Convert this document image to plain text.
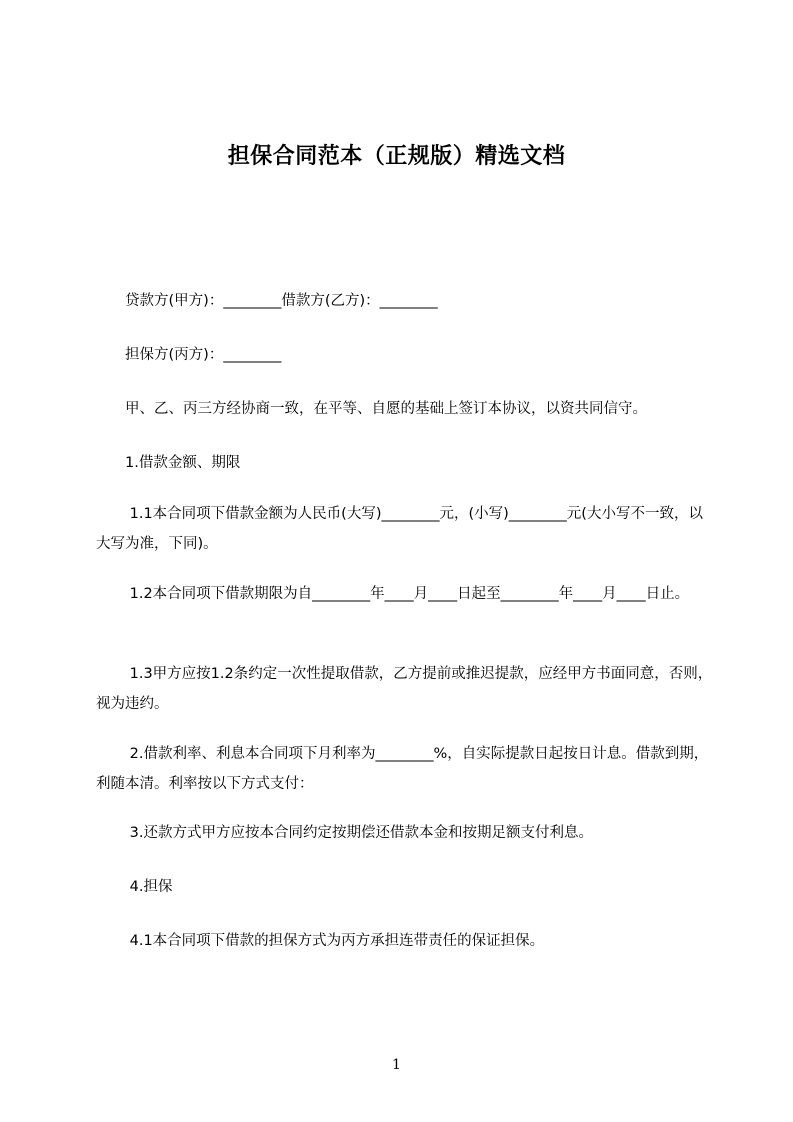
担保合同范本（正规版）精选文档
　　贷款方(甲方)：________借款方(乙方)：________
　　担保方(丙方)：________
　　甲、乙、丙三方经协商一致，在平等、自愿的基础上签订本协议，以资共同信守。
　　1.借款金额、期限
　　 1.1本合同项下借款金额为人民币(大写)________元，(小写)________元(大小写不一致，以大写为准，下同)。
　　 1.2本合同项下借款期限为自________年____月____日起至________年____月____日止。
　　 1.3甲方应按1.2条约定一次性提取借款，乙方提前或推迟提款，应经甲方书面同意，否则，视为违约。
　　 2.借款利率、利息本合同项下月利率为________%，自实际提款日起按日计息。借款到期，利随本清。利率按以下方式支付：
　　 3.还款方式甲方应按本合同约定按期偿还借款本金和按期足额支付利息。
　　 4.担保
　　 4.1本合同项下借款的担保方式为丙方承担连带责任的保证担保。
1
